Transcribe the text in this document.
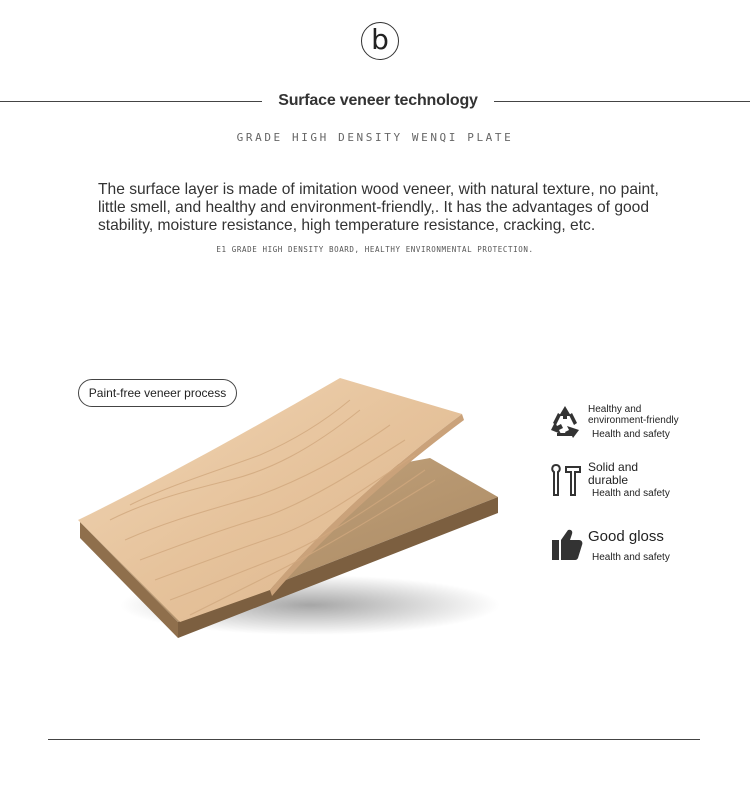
b
Surface veneer technology
GRADE HIGH DENSITY WENQI PLATE
The surface layer is made of imitation wood veneer, with natural texture, no paint, little smell, and healthy and environment-friendly,. It has the advantages of good stability, moisture resistance, high temperature resistance, cracking, etc.
E1 GRADE HIGH DENSITY BOARD, HEALTHY ENVIRONMENTAL PROTECTION.
Paint-free veneer process
Healthy and
environment-friendly
Health and safety
Solid and
durable
Health and safety
Good gloss
Health and safety
